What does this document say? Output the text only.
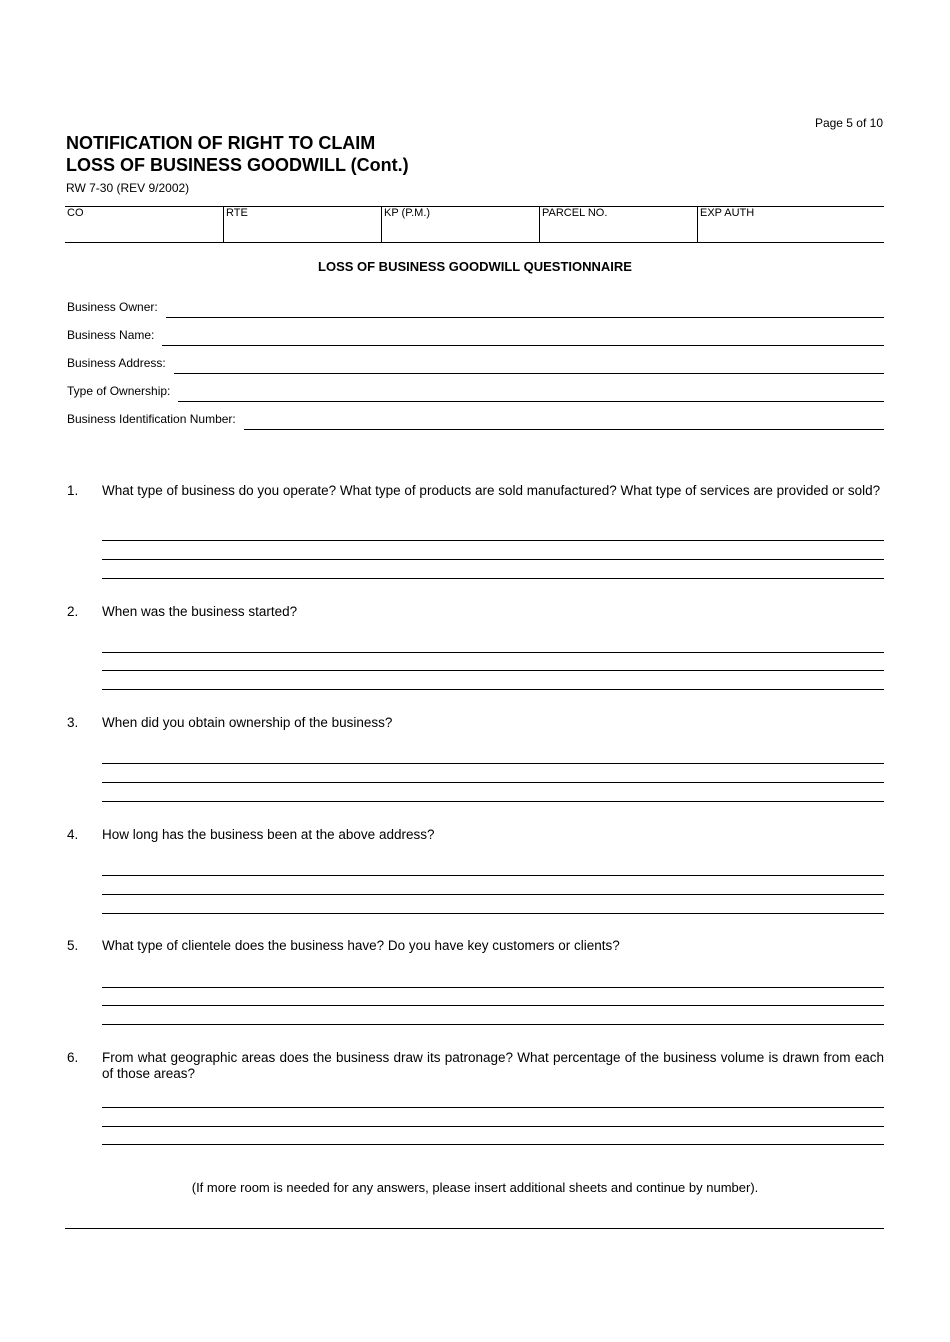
Page 5 of 10
NOTIFICATION OF RIGHT TO CLAIM
LOSS OF BUSINESS GOODWILL (Cont.)
RW 7-30 (REV 9/2002)
CO	RTE	KP (P.M.)	PARCEL NO.	EXP AUTH
LOSS OF BUSINESS GOODWILL QUESTIONNAIRE
Business Owner:
Business Name:
Business Address:
Type of Ownership:
Business Identification Number:
1.	What type of business do you operate? What type of products are sold manufactured? What type of services are provided or sold?
2.	When was the business started?
3.	When did you obtain ownership of the business?
4.	How long has the business been at the above address?
5.	What type of clientele does the business have? Do you have key customers or clients?
6.	From what geographic areas does the business draw its patronage? What percentage of the business volume is drawn from each of those areas?
(If more room is needed for any answers, please insert additional sheets and continue by number).
